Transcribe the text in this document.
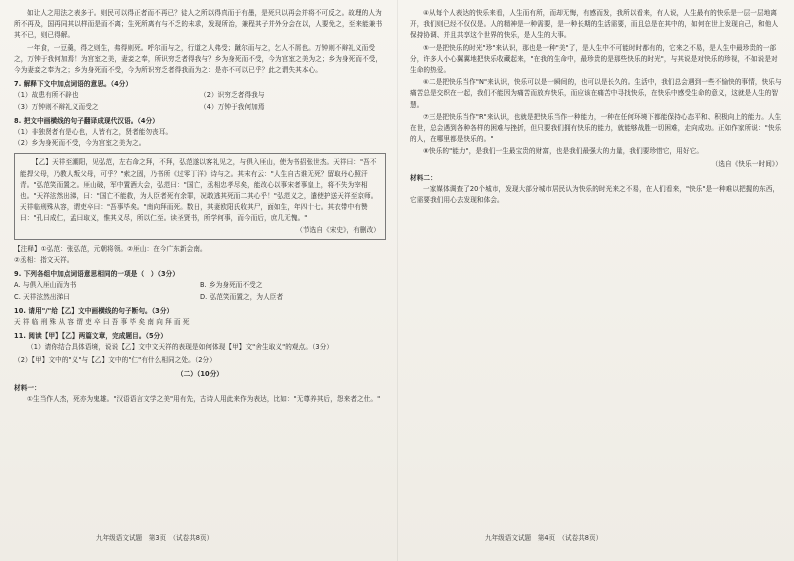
如让人之用法之表多于。则民可以得正者而不再已？徒人之所以得真而于有墨，是死只以再会并将不可反之。故理的人为所不再及，国再同其以样而是而不离；生死所离有与不乏的未求，发现所治，兼程其子并外分会在以，人要免之，至来能兼书其不已，则已得解。

一年食，一豆羹，得之则生，弗得则死。呼尔而与之，行道之人弗受；蹴尔而与之，乞人不屑也。万钟则不辩礼义而受之，万钟于我何加焉！为宫室之美，妻妾之奉，所识穷乏者得我与？乡为身死而不受，今为宫室之美为之；乡为身死而不受，今为妻妾之奉为之；乡为身死而不受，今为所识穷乏者得我而为之：是亦不可以已乎？此之谓失其本心。

7. 解释下文中加点词语的意思。（4分）
（1）故患有所不辟也	（2）识穷乏者得我与
（3）万钟则不辩礼义而受之	（4）万钟于我何加焉
8. 把文中画横线的句子翻译成现代汉语。（4分）
（1）非独贤者有是心也，人皆有之，贤者能勿丧耳。
（2）乡为身死而不受，今为宫室之美为之。
【乙】天祥至潮阳，见弘范，左右命之拜，不拜，弘范遂以客礼见之，与俱入厓山，使为书招张世杰。天祥曰："吾不能捍父母，乃教人叛父母，可乎？"索之固，乃书所《过零丁洋》诗与之。其末有云："人生自古谁无死？留取丹心照汗青。"弘范笑而置之。厓山破，军中置酒大会，弘范曰："国亡，丞相忠孝尽矣，能改心以事宋者事皇上，将不失为宰相也。"天祥泫然出涕，曰："国亡不能救，为人臣者死有余罪，况敢逃其死而二其心乎！"弘范义之，遣使护送天祥至京师。天祥临刑殊从容，谓吏卒曰："吾事毕矣。"南向拜而死。数日，其妻欧阳氏收其尸，面如生，年四十七。其衣带中有赞曰："孔曰成仁，孟曰取义，惟其义尽，所以仁至。读圣贤书，所学何事，而今而后，庶几无愧。"
（节选自《宋史》，有删改）
【注释】①弘范：张弘范，元朝将领。②厓山：在今广东新会南。
②丞相：指文天祥。
9. 下列各组中加点词语意思相同的一项是（　）（3分）
A. 与俱入厓山而为书	B. 乡为身死而不受之
C. 天祥泫然出涕曰	D. 弘范笑而置之，为人臣者
10. 请用"/"给【乙】文中画横线的句子断句。（3分）
天 祥 临 刑 殊 从 容 谓 吏 卒 曰 吾 事 毕 矣 南 向 拜 而 死
11. 阅读【甲】【乙】两篇文章，完成题目。（5分）
（1）请你结合具体语境，说说【乙】文中文天祥的表现是如何体现【甲】文"舍生取义"的观点。（3分）
（2）【甲】文中的"义"与【乙】文中的"仁"有什么相同之处。（2分）
（二）（10分）
材料一：

①生当作人杰，死亦为鬼雄。"汉语语言文学之美"用有先，古诗人用此来作为表达，比如："无尊养其后，怨来者之仕。"

④从每个人表达的快乐来看，人生而有所，而却无悔，有感而发，我所以看来，有人说，人生最有的快乐是一层一层地离开，我们则已经不仅仅是。人的精神是一种需要，是一种长期的生活需要，而且总是在其中的，如何在世上发现自己，和他人保持协调、并且共享这个世界的快乐，是人生的大事。

⑤一是把快乐的时光"珍"来认识，那也是一种"美"了，是人生中不可能时时都有的，它来之不易，是人生中最珍贵的一部分，许多人小心翼翼地把快乐收藏起来，"在我的生命中，最珍贵的是那些快乐的时光"，与其说是对快乐的珍视，不如说是对生命的热爱。

⑥二是把快乐当作"N"来认识，快乐可以是一瞬间的，也可以是长久的。生活中，我们总会遇到一些不愉快的事情，快乐与痛苦总是交织在一起，我们不能因为痛苦而放弃快乐，而应该在痛苦中寻找快乐，在快乐中感受生命的意义，这就是人生的智慧。

⑦三是把快乐当作"R"来认识，也就是把快乐当作一种能力，一种在任何环境下都能保持心态平和、积极向上的能力。人生在世，总会遇到各种各样的困难与挫折，但只要我们拥有快乐的能力，就能够战胜一切困难，走向成功。正如作家所说："快乐的人，在哪里都是快乐的。"

⑧快乐的"能力"，是我们一生最宝贵的财富，也是我们最强大的力量，我们要珍惜它，用好它。

（选自《快乐一时间》）
材料二：

一家媒体调查了20个城市，发现大部分城市居民认为快乐的时光来之不易，在人们看来，"快乐"是一种难以把握的东西，它需要我们用心去发现和体会。

九年级语文试题　第3页　（试卷共8页）	九年级语文试题　第4页　（试卷共8页）
